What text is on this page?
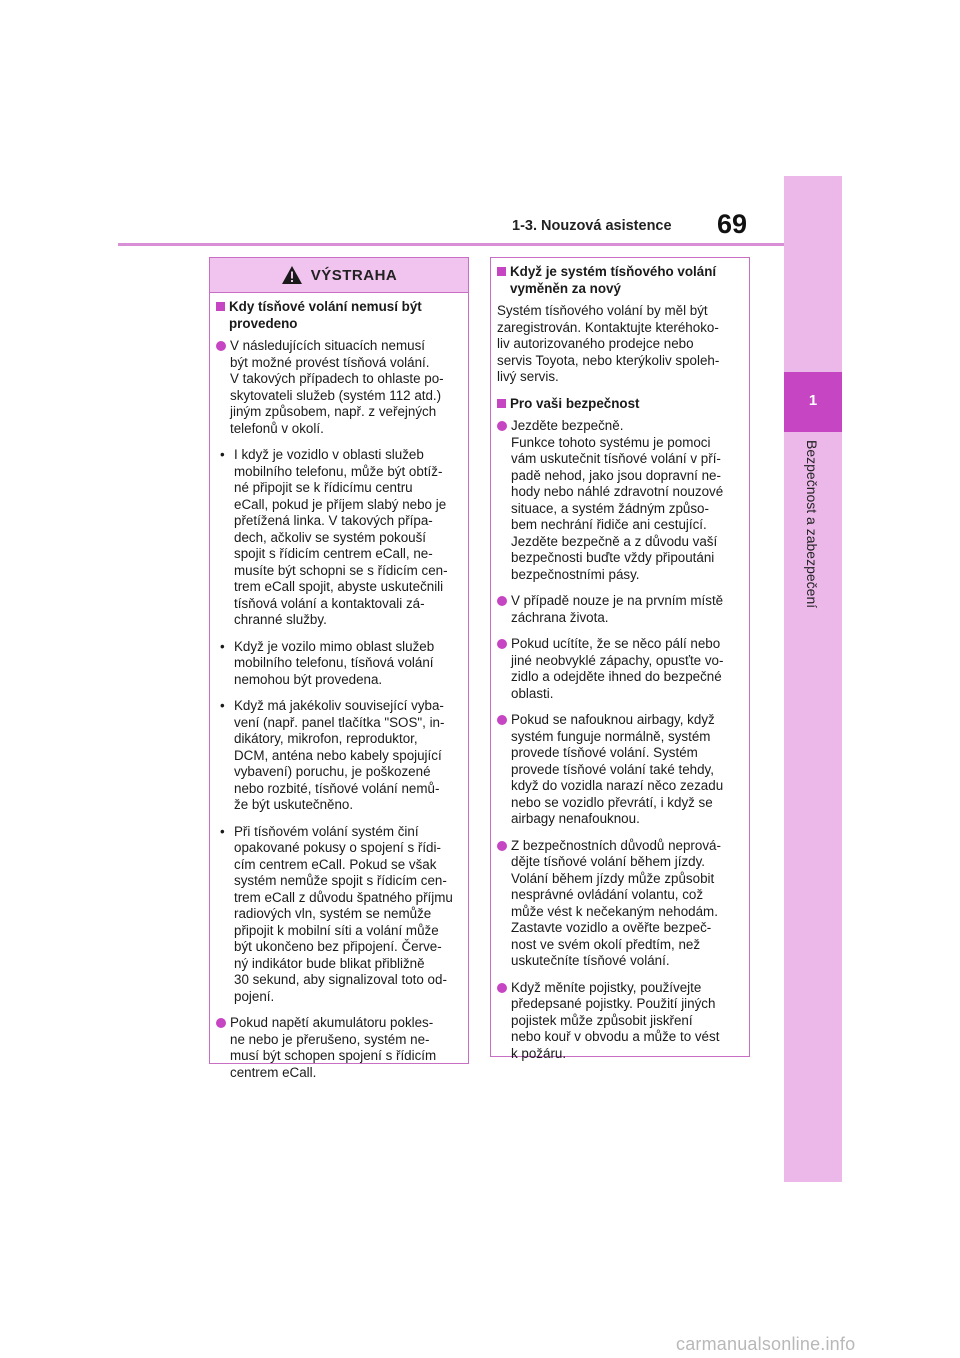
1-3. Nouzová asistence 69
1
Bezpečnost a zabezpečení
VÝSTRAHA
Kdy tísňové volání nemusí být
provedeno
V následujících situacích nemusí
být možné provést tísňová volání.
V takových případech to ohlaste po-
skytovateli služeb (systém 112 atd.)
jiným způsobem, např. z veřejných
telefonů v okolí.
• I když je vozidlo v oblasti služeb
mobilního telefonu, může být obtíž-
né připojit se k řídicímu centru
eCall, pokud je příjem slabý nebo je
přetížená linka. V takových přípa-
dech, ačkoliv se systém pokouší
spojit s řídicím centrem eCall, ne-
musíte být schopni se s řídicím cen-
trem eCall spojit, abyste uskutečnili
tísňová volání a kontaktovali zá-
chranné služby.
• Když je vozilo mimo oblast služeb
mobilního telefonu, tísňová volání
nemohou být provedena.
• Když má jakékoliv související vyba-
vení (např. panel tlačítka "SOS", in-
dikátory, mikrofon, reproduktor,
DCM, anténa nebo kabely spojující
vybavení) poruchu, je poškozené
nebo rozbité, tísňové volání nemů-
že být uskutečněno.
• Při tísňovém volání systém činí
opakované pokusy o spojení s řídi-
cím centrem eCall. Pokud se však
systém nemůže spojit s řídicím cen-
trem eCall z důvodu špatného příjmu
radiových vln, systém se nemůže
připojit k mobilní síti a volání může
být ukončeno bez připojení. Červe-
ný indikátor bude blikat přibližně
30 sekund, aby signalizoval toto od-
pojení.
Pokud napětí akumulátoru pokles-
ne nebo je přerušeno, systém ne-
musí být schopen spojení s řídicím
centrem eCall.
Když je systém tísňového volání
vyměněn za nový
Systém tísňového volání by měl být
zaregistrován. Kontaktujte kteréhoko-
liv autorizovaného prodejce nebo
servis Toyota, nebo kterýkoliv spoleh-
livý servis.
Pro vaši bezpečnost
Jezděte bezpečně.
Funkce tohoto systému je pomoci
vám uskutečnit tísňové volání v pří-
padě nehod, jako jsou dopravní ne-
hody nebo náhlé zdravotní nouzové
situace, a systém žádným způso-
bem nechrání řidiče ani cestující.
Jezděte bezpečně a z důvodu vaší
bezpečnosti buďte vždy připoutáni
bezpečnostními pásy.
V případě nouze je na prvním místě
záchrana života.
Pokud ucítíte, že se něco pálí nebo
jiné neobvyklé zápachy, opusťte vo-
zidlo a odejděte ihned do bezpečné
oblasti.
Pokud se nafouknou airbagy, když
systém funguje normálně, systém
provede tísňové volání. Systém
provede tísňové volání také tehdy,
když do vozidla narazí něco zezadu
nebo se vozidlo převrátí, i když se
airbagy nenafouknou.
Z bezpečnostních důvodů neprová-
dějte tísňové volání během jízdy.
Volání během jízdy může způsobit
nesprávné ovládání volantu, což
může vést k nečekaným nehodám.
Zastavte vozidlo a ověřte bezpeč-
nost ve svém okolí předtím, než
uskutečníte tísňové volání.
Když měníte pojistky, používejte
předepsané pojistky. Použití jiných
pojistek může způsobit jiskření
nebo kouř v obvodu a může to vést
k požáru.
carmanualsonline.info
